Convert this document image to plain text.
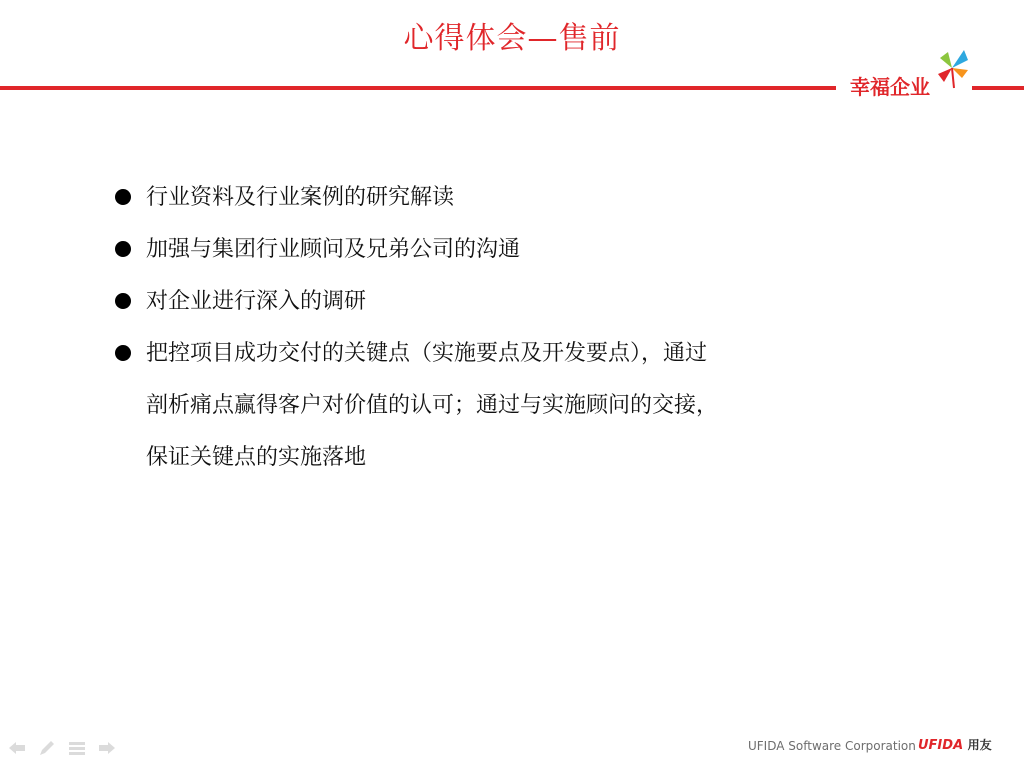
心得体会—售前
幸福企业
行业资料及行业案例的研究解读
加强与集团行业顾问及兄弟公司的沟通
对企业进行深入的调研
把控项目成功交付的关键点（实施要点及开发要点），通过
剖析痛点赢得客户对价值的认可；通过与实施顾问的交接，
保证关键点的实施落地
UFIDA Software Corporation UFIDA 用友
